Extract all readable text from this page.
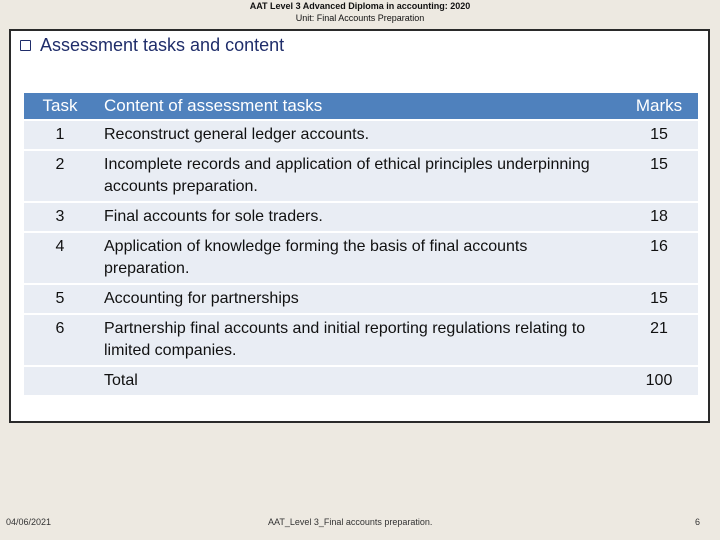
AAT Level 3 Advanced Diploma in accounting: 2020
Unit: Final Accounts Preparation
Assessment tasks and content
Task	Content of assessment tasks	Marks
1	Reconstruct general ledger accounts.	15
2	Incomplete records and application of ethical principles underpinning accounts preparation.	15
3	Final accounts for sole traders.	18
4	Application of knowledge forming the basis of final accounts preparation.	16
5	Accounting for partnerships	15
6	Partnership final accounts and initial reporting regulations relating to limited companies.	21
	Total	100
04/06/2021	AAT_Level 3_Final accounts preparation.	6
